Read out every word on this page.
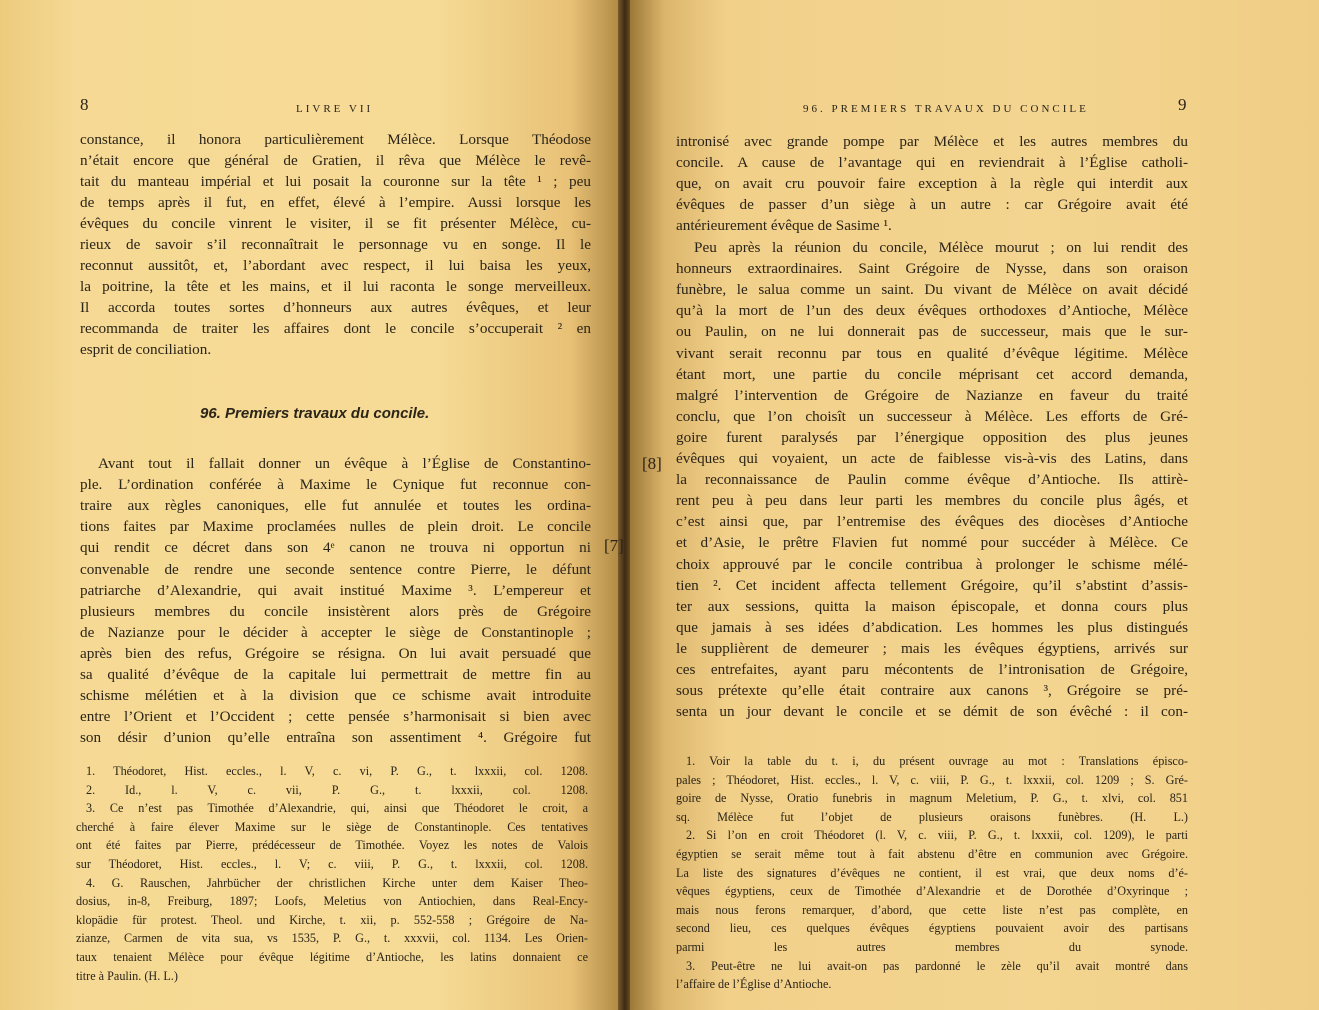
8	LIVRE VII
constance, il honora particulièrement Mélèce. Lorsque Théodose
n’était encore que général de Gratien, il rêva que Mélèce le revê-
tait du manteau impérial et lui posait la couronne sur la tête ¹ ; peu
de temps après il fut, en effet, élevé à l’empire. Aussi lorsque les
évêques du concile vinrent le visiter, il se fit présenter Mélèce, cu-
rieux de savoir s’il reconnaîtrait le personnage vu en songe. Il le
reconnut aussitôt, et, l’abordant avec respect, il lui baisa les yeux,
la poitrine, la tête et les mains, et il lui raconta le songe merveilleux.
Il accorda toutes sortes d’honneurs aux autres évêques, et leur
recommanda de traiter les affaires dont le concile s’occuperait ² en
esprit de conciliation.
96. Premiers travaux du concile.
Avant tout il fallait donner un évêque à l’Église de Constantino-
ple. L’ordination conférée à Maxime le Cynique fut reconnue con-
traire aux règles canoniques, elle fut annulée et toutes les ordina-
tions faites par Maxime proclamées nulles de plein droit. Le concile
qui rendit ce décret dans son 4ᵉ canon ne trouva ni opportun ni
convenable de rendre une seconde sentence contre Pierre, le défunt
patriarche d’Alexandrie, qui avait institué Maxime ³. L’empereur et
plusieurs membres du concile insistèrent alors près de Grégoire
de Nazianze pour le décider à accepter le siège de Constantinople ;
après bien des refus, Grégoire se résigna. On lui avait persuadé que
sa qualité d’évêque de la capitale lui permettrait de mettre fin au
schisme mélétien et à la division que ce schisme avait introduite
entre l’Orient et l’Occident ; cette pensée s’harmonisait si bien avec
son désir d’union qu’elle entraîna son assentiment ⁴. Grégoire fut
1. Théodoret, Hist. eccles., l. V, c. vi, P. G., t. lxxxii, col. 1208.
2. Id., l. V, c. vii, P. G., t. lxxxii, col. 1208.
3. Ce n’est pas Timothée d’Alexandrie, qui, ainsi que Théodoret le croit, a
cherché à faire élever Maxime sur le siège de Constantinople. Ces tentatives
ont été faites par Pierre, prédécesseur de Timothée. Voyez les notes de Valois
sur Théodoret, Hist. eccles., l. V; c. viii, P. G., t. lxxxii, col. 1208.
4. G. Rauschen, Jahrbücher der christlichen Kirche unter dem Kaiser Theo-
dosius, in-8, Freiburg, 1897; Loofs, Meletius von Antiochien, dans Real-Ency-
klopädie für protest. Theol. und Kirche, t. xii, p. 552-558 ; Grégoire de Na-
zianze, Carmen de vita sua, vs 1535, P. G., t. xxxvii, col. 1134. Les Orien-
taux tenaient Mélèce pour évêque légitime d’Antioche, les latins donnaient ce
titre à Paulin. (H. L.)
[7]
9
96. PREMIERS TRAVAUX DU CONCILE
[8]
intronisé avec grande pompe par Mélèce et les autres membres du
concile. A cause de l’avantage qui en reviendrait à l’Église catholi-
que, on avait cru pouvoir faire exception à la règle qui interdit aux
évêques de passer d’un siège à un autre : car Grégoire avait été
antérieurement évêque de Sasime ¹.
Peu après la réunion du concile, Mélèce mourut ; on lui rendit des
honneurs extraordinaires. Saint Grégoire de Nysse, dans son oraison
funèbre, le salua comme un saint. Du vivant de Mélèce on avait décidé
qu’à la mort de l’un des deux évêques orthodoxes d’Antioche, Mélèce
ou Paulin, on ne lui donnerait pas de successeur, mais que le sur-
vivant serait reconnu par tous en qualité d’évêque légitime. Mélèce
étant mort, une partie du concile méprisant cet accord demanda,
malgré l’intervention de Grégoire de Nazianze en faveur du traité
conclu, que l’on choisît un successeur à Mélèce. Les efforts de Gré-
goire furent paralysés par l’énergique opposition des plus jeunes
évêques qui voyaient, un acte de faiblesse vis-à-vis des Latins, dans
la reconnaissance de Paulin comme évêque d’Antioche. Ils attirè-
rent peu à peu dans leur parti les membres du concile plus âgés, et
c’est ainsi que, par l’entremise des évêques des diocèses d’Antioche
et d’Asie, le prêtre Flavien fut nommé pour succéder à Mélèce. Ce
choix approuvé par le concile contribua à prolonger le schisme mélé-
tien ². Cet incident affecta tellement Grégoire, qu’il s’abstint d’assis-
ter aux sessions, quitta la maison épiscopale, et donna cours plus
que jamais à ses idées d’abdication. Les hommes les plus distingués
le supplièrent de demeurer ; mais les évêques égyptiens, arrivés sur
ces entrefaites, ayant paru mécontents de l’intronisation de Grégoire,
sous prétexte qu’elle était contraire aux canons ³, Grégoire se pré-
senta un jour devant le concile et se démit de son évêché : il con-
1. Voir la table du t. i, du présent ouvrage au mot : Translations épisco-
pales ; Théodoret, Hist. eccles., l. V, c. viii, P. G., t. lxxxii, col. 1209 ; S. Gré-
goire de Nysse, Oratio funebris in magnum Meletium, P. G., t. xlvi, col. 851
sq. Mélèce fut l’objet de plusieurs oraisons funèbres. (H. L.)
2. Si l’on en croit Théodoret (l. V, c. viii, P. G., t. lxxxii, col. 1209), le parti
égyptien se serait même tout à fait abstenu d’être en communion avec Grégoire.
La liste des signatures d’évêques ne contient, il est vrai, que deux noms d’é-
vêques égyptiens, ceux de Timothée d’Alexandrie et de Dorothée d’Oxyrinque ;
mais nous ferons remarquer, d’abord, que cette liste n’est pas complète, en
second lieu, ces quelques évêques égyptiens pouvaient avoir des partisans
parmi les autres membres du synode.
3. Peut-être ne lui avait-on pas pardonné le zèle qu’il avait montré dans
l’affaire de l’Église d’Antioche.
